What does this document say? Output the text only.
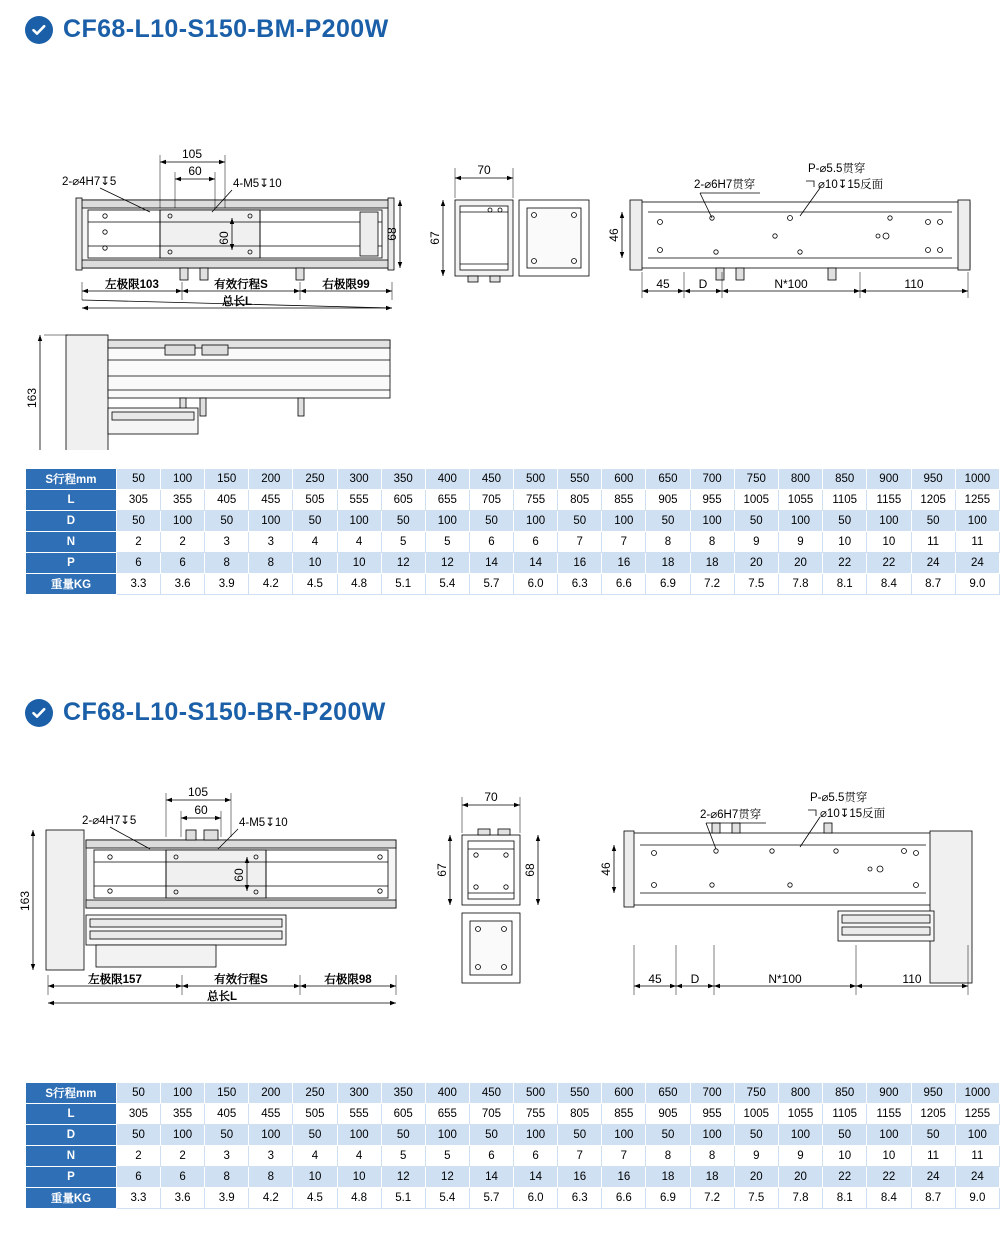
CF68-L10-S150-BM-P200W
105
60
2-⌀4H7↧5	4-M5↧10
60	68
左极限103	有效行程S	右极限99
总长L
70
67
2-⌀6H7贯穿
P-⌀5.5贯穿
⌀10↧15反面
46
45 D	N*100	110
163
S行程mm	50	100	150	200	250	300	350	400	450	500	550	600	650	700	750	800	850	900	950	1000
L	305	355	405	455	505	555	605	655	705	755	805	855	905	955	1005	1055	1105	1155	1205	1255
D	50	100	50	100	50	100	50	100	50	100	50	100	50	100	50	100	50	100	50	100
N	2	2	3	3	4	4	5	5	6	6	7	7	8	8	9	9	10	10	11	11
P	6	6	8	8	10	10	12	12	14	14	16	16	18	18	20	20	22	22	24	24
重量KG	3.3	3.6	3.9	4.2	4.5	4.8	5.1	5.4	5.7	6.0	6.3	6.6	6.9	7.2	7.5	7.8	8.1	8.4	8.7	9.0
CF68-L10-S150-BR-P200W
105
60
2-⌀4H7↧5	4-M5↧10
60
163
左极限157	有效行程S	右极限98
总长L
70
67	68
2-⌀6H7贯穿
P-⌀5.5贯穿
⌀10↧15反面
46
45 D	N*100	110
S行程mm	50	100	150	200	250	300	350	400	450	500	550	600	650	700	750	800	850	900	950	1000
L	305	355	405	455	505	555	605	655	705	755	805	855	905	955	1005	1055	1105	1155	1205	1255
D	50	100	50	100	50	100	50	100	50	100	50	100	50	100	50	100	50	100	50	100
N	2	2	3	3	4	4	5	5	6	6	7	7	8	8	9	9	10	10	11	11
P	6	6	8	8	10	10	12	12	14	14	16	16	18	18	20	20	22	22	24	24
重量KG	3.3	3.6	3.9	4.2	4.5	4.8	5.1	5.4	5.7	6.0	6.3	6.6	6.9	7.2	7.5	7.8	8.1	8.4	8.7	9.0
